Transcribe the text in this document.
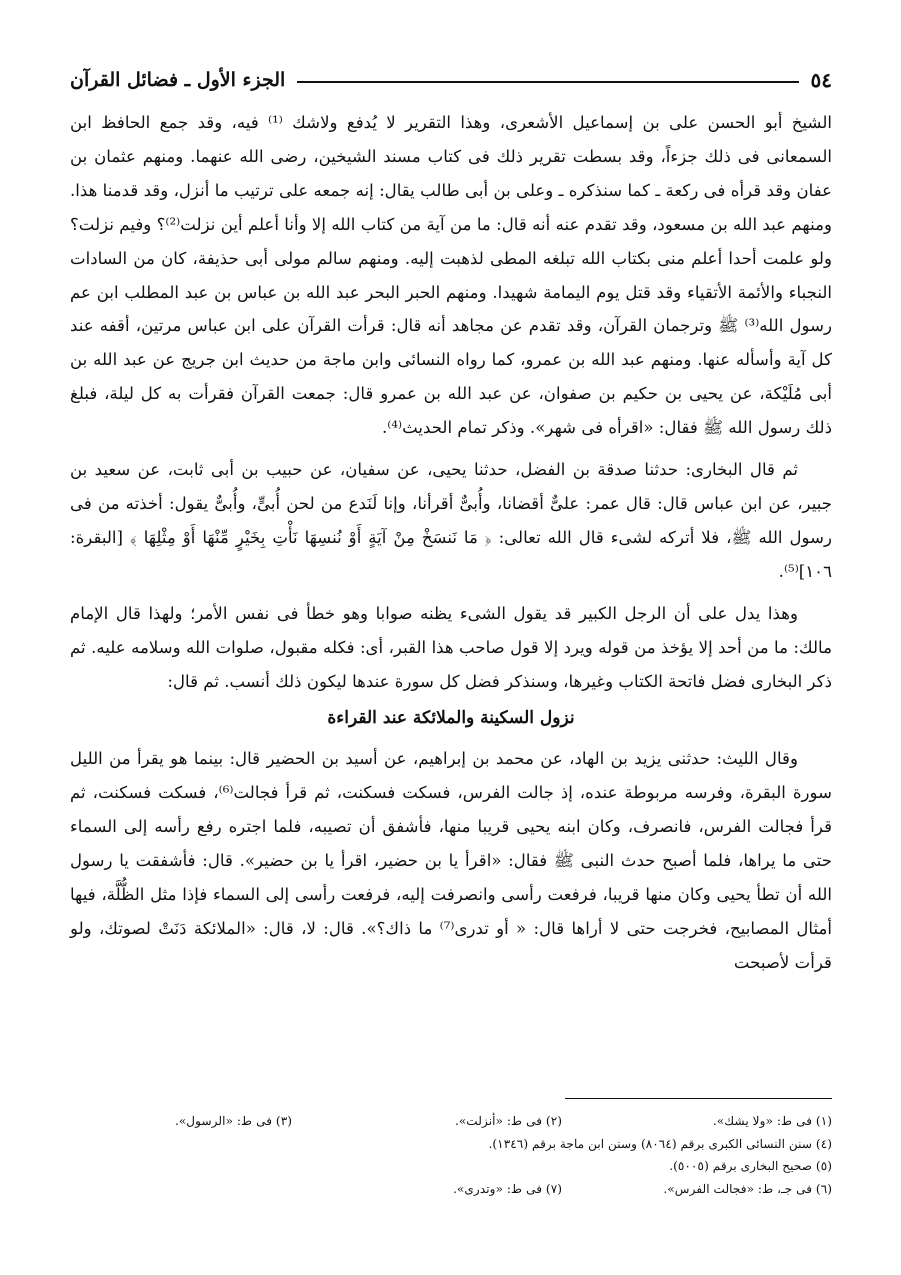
٥٤
الجزء الأول ـ فضائل القرآن

الشيخ أبو الحسن على بن إسماعيل الأشعرى، وهذا التقرير لا يُدفع ولاشك ⁽¹⁾ فيه، وقد جمع الحافظ ابن السمعانى فى ذلك جزءاً، وقد بسطت تقرير ذلك فى كتاب مسند الشيخين، رضى الله عنهما. ومنهم عثمان بن عفان وقد قرأه فى ركعة ـ كما سنذكره ـ وعلى بن أبى طالب يقال: إنه جمعه على ترتيب ما أنزل، وقد قدمنا هذا. ومنهم عبد الله بن مسعود، وقد تقدم عنه أنه قال: ما من آية من كتاب الله إلا وأنا أعلم أين نزلت⁽²⁾؟ وفيم نزلت؟ ولو علمت أحدا أعلم منى بكتاب الله تبلغه المطى لذهبت إليه. ومنهم سالم مولى أبى حذيفة، كان من السادات النجباء والأئمة الأتقياء وقد قتل يوم اليمامة شهيدا. ومنهم الحبر البحر عبد الله بن عباس بن عبد المطلب ابن عم رسول الله⁽³⁾ ﷺ وترجمان القرآن، وقد تقدم عن مجاهد أنه قال: قرأت القرآن على ابن عباس مرتين، أقفه عند كل آية وأسأله عنها. ومنهم عبد الله بن عمرو، كما رواه النسائى وابن ماجة من حديث ابن جريج عن عبد الله بن أبى مُلَيْكة، عن يحيى بن حكيم بن صفوان، عن عبد الله بن عمرو قال: جمعت القرآن فقرأت به كل ليلة، فبلغ ذلك رسول الله ﷺ فقال: «اقرأه فى شهر». وذكر تمام الحديث⁽⁴⁾.

ثم قال البخارى: حدثنا صدقة بن الفضل، حدثنا يحيى، عن سفيان، عن حبيب بن أبى ثابت، عن سعيد بن جبير، عن ابن عباس قال: قال عمر: علىٌّ أقضانا، وأُبىٌّ أقرأنا، وإنا لَنَدع من لحن أُبىٍّ، وأُبىٌّ يقول: أخذته من فى رسول الله ﷺ، فلا أتركه لشىء قال الله تعالى: ﴿ مَا نَنسَخْ مِنْ آيَةٍ أَوْ نُنسِهَا نَأْتِ بِخَيْرٍ مِّنْهَا أَوْ مِثْلِهَا ﴾ [البقرة: ١٠٦]⁽⁵⁾.

وهذا يدل على أن الرجل الكبير قد يقول الشىء يظنه صوابا وهو خطأ فى نفس الأمر؛ ولهذا قال الإمام مالك: ما من أحد إلا يؤخذ من قوله ويرد إلا قول صاحب هذا القبر، أى: فكله مقبول، صلوات الله وسلامه عليه. ثم ذكر البخارى فضل فاتحة الكتاب وغيرها، وسنذكر فضل كل سورة عندها ليكون ذلك أنسب. ثم قال:

نزول السكينة والملائكة عند القراءة

وقال الليث: حدثنى يزيد بن الهاد، عن محمد بن إبراهيم، عن أسيد بن الحضير قال: بينما هو يقرأ من الليل سورة البقرة، وفرسه مربوطة عنده، إذ جالت الفرس، فسكت فسكنت، ثم قرأ فجالت⁽⁶⁾، فسكت فسكنت، ثم قرأ فجالت الفرس، فانصرف، وكان ابنه يحيى قريبا منها، فأشفق أن تصيبه، فلما اجتره رفع رأسه إلى السماء حتى ما يراها، فلما أصبح حدث النبى ﷺ فقال: «اقرأ يا بن حضير، اقرأ يا بن حضير». قال: فأشفقت يا رسول الله أن تطأ يحيى وكان منها قريبا، فرفعت رأسى وانصرفت إليه، فرفعت رأسى إلى السماء فإذا مثل الظُّلَّة، فيها أمثال المصابيح، فخرجت حتى لا أراها قال: « أو تدرى⁽⁷⁾ ما ذاك؟». قال: لا، قال: «الملائكة دَنَتْ لصوتك، ولو قرأت لأصبحت

(١) فى ط: «ولا يشك».
(٢) فى ط: «أنزلت».
(٣) فى ط: «الرسول».
(٤) سنن النسائى الكبرى برقم (٨٠٦٤) وسنن ابن ماجة برقم (١٣٤٦).
(٥) صحيح البخارى برقم (٥٠٠٥).
(٦) فى جـ، ط: «فجالت الفرس».
(٧) فى ط: «وتدرى».
